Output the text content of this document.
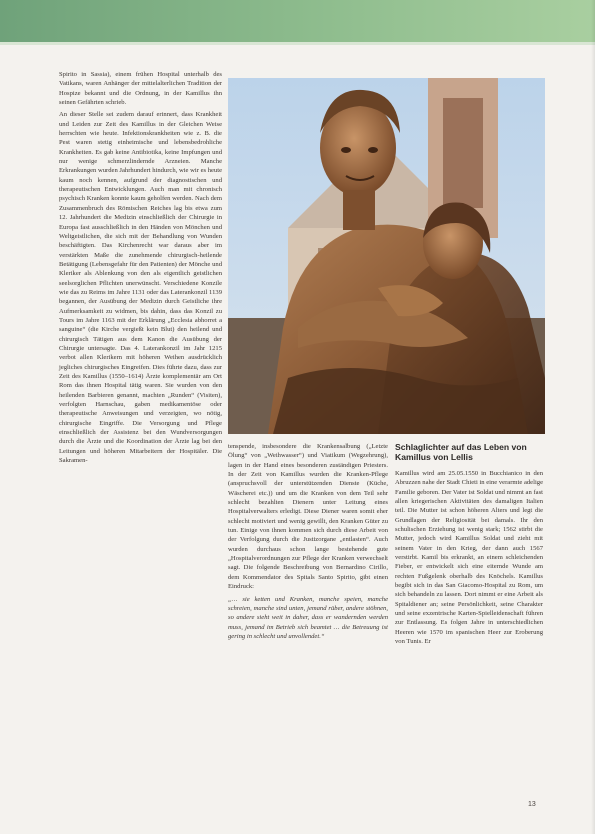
Spirito in Sassia), einem frühen Hospital unterhalb des Vatikans, waren Anhänger der mittelalterlichen Tradition der Hospize bekannt und die Ordnung, in der Kamillus ihn seinen Gefährten schrieb.

An dieser Stelle sei zudem darauf erinnert, dass Krankheit und Leiden zur Zeit des Kamillus in der Gleichen Weise herrschten wie heute. Infektionskrankheiten wie z. B. die Pest waren stetig einheimische und lebensbedrohliche Krankheiten. Es gab keine Antibiotika, keine Impfungen und nur wenige schmerzlindernde Arzneien. Manche Erkrankungen wurden Jahrhundert hindurch, wie wir es heute kaum noch kennen, aufgrund der diagnostischen und therapeutischen Entwicklungen. Auch man mit chronisch psychisch Kranken konnte kaum geholfen werden. Nach dem Zusammenbruch des Römischen Reiches lag bis etwa zum 12. Jahrhundert die Medizin einschließlich der Chirurgie in Europa fast ausschließlich in den Händen von Mönchen und Weltgeistlichen, die sich mit der Behandlung von Wunden beschäftigten. Das Kirchenrecht war daraus aber im verstärkten Maße die zunehmende chirurgisch-heilende Betätigung (Lebensgefahr für den Patienten) der Mönche und Kleriker als Ablenkung von den als eigentlich geistlichen seelsorglichen Pflichten unerwünscht. Verschiedene Konzile wie das zu Reims im Jahre 1131 oder das Laterankonzil 1139 begannen, der Ausübung der Medizin durch Geistliche ihre Aufmerksamkeit zu widmen, bis dahin, dass das Konzil zu Tours im Jahre 1163 mit der Erklärung „Ecclesia abhorret a sanguine“ (die Kirche vergießt kein Blut) den heilend und chirurgisch Tätigen aus dem Kanon die Ausübung der Chirurgie untersagte. Das 4. Laterankonzil im Jahr 1215 verbot allen Klerikern mit höheren Weihen ausdrücklich jegliches chirurgisches Eingreifen. Dies führte dazu, dass zur Zeit des Kamillus (1550–1614) Ärzte komplementär am Ort Rom das ihnen Hospital tätig waren. Sie wurden von den heilenden Barbieren genannt, machten „Runden“ (Visiten), verfolgten Harnschau, gaben medikamentöse oder therapeutische Anweisungen und verzeigten, wo nötig, chirurgische Eingriffe. Die Versorgung und Pflege einschließlich der Assistenz bei den Wundversorgungen durch die Ärzte und die Koordination der Ärzte lag bei den Leitungen und höheren Mitarbeitern der Hospitäler. Die Sakramen-

tenspende, insbesondere die Krankensalbung („Letzte Ölung“ von „Weihwasser“) und Viatikum (Wegzehrung), lagen in der Hand eines besonderen zuständigen Priesters. In der Zeit von Kamillus wurden die Kranken-Pflege (anspruchsvoll der unterstützenden Dienste (Küche, Wäscherei etc.)) und um die Kranken von dem Teil sehr schlecht bezahlten Dienern unter Leitung eines Hospitalverwalters erledigt. Diese Diener waren somit eher schlecht motiviert und wenig gewillt, den Kranken Güter zu tun. Einige von ihnen kommen sich durch diese Arbeit von der Verfolgung durch die Justizorgane „entlasten“. Auch wurden durchaus schon lange bestehende gute „Hospitalverordnungen zur Pflege der Kranken verwechselt sagt. Die folgende Beschreibung von Bernardino Cirillo, dem Kommendator des Spitals Santo Spirito, gibt einen Eindruck:

„… sie ketten und Kranken, manche speien, manche schreien, manche sind unten, jemand rüber, andere stöhnen, so andere sieht weit in daher, dass er wandernden werden muss, jemand im Betrieb sich beamtet … die Betreuung ist gering in schlecht und unvollendet.“

Schlaglichter auf das Leben von Kamillus von Lellis

Kamillus wird am 25.05.1550 in Bucchianico in den Abruzzen nahe der Stadt Chieti in eine verarmte adelige Familie geboren. Der Vater ist Soldat und nimmt an fast allen kriegerischen Aktivitäten des damaligen Italien teil. Die Mutter ist schon höheren Alters und legt die Grundlagen der Religiosität bei damals. Ihr den schulischen Erziehung ist wenig stark; 1562 stirbt die Mutter, jedoch wird Kamillus Soldat und zieht mit seinem Vater in den Krieg, der dann auch 1567 verstirbt. Kamil bis erkrankt, an einem schleichenden Fieber, er entwickelt sich eine eiternde Wunde am rechten Fußgelenk oberhalb des Knöchels. Kamillus begibt sich in das San Giacomo-Hospital zu Rom, um sich behandeln zu lassen. Dort nimmt er eine Arbeit als Spitaldiener an; seine Persönlichkeit, seine Charakter und seine exzentrische Karten-Spielleidenschaft führen zur Entlassung. Es folgen Jahre in unterschiedlichen Heeren wie 1570 im spanischen Heer zur Eroberung von Tunis. Er

13
